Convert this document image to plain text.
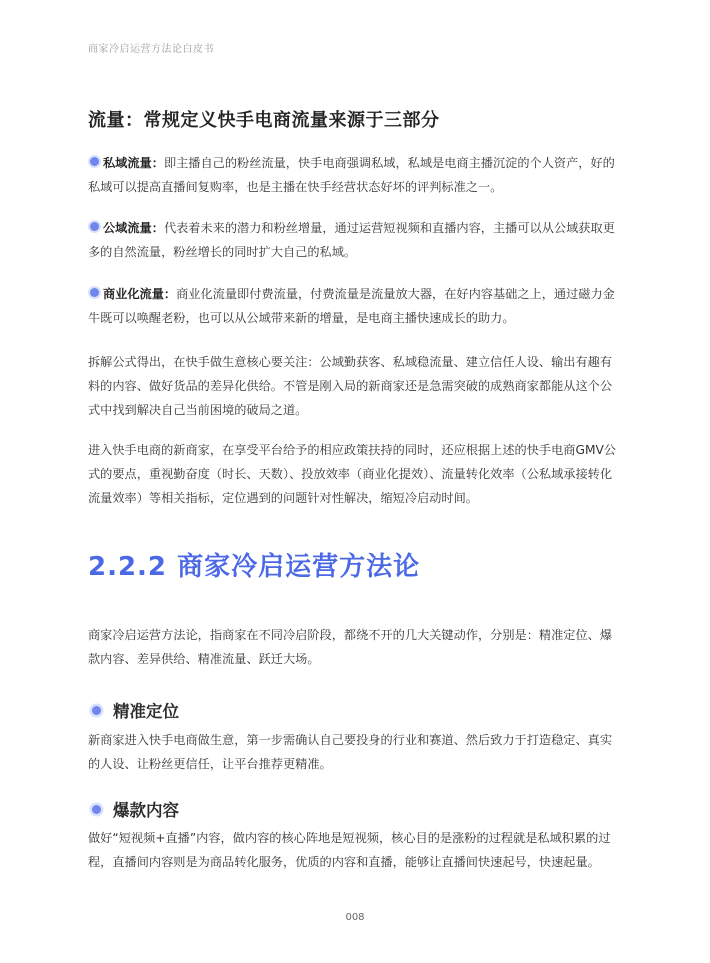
商家冷启运营方法论白皮书
流量：常规定义快手电商流量来源于三部分
私域流量：即主播自己的粉丝流量，快手电商强调私域，私域是电商主播沉淀的个人资产，好的私域可以提高直播间复购率，也是主播在快手经营状态好坏的评判标准之一。
公域流量：代表着未来的潜力和粉丝增量，通过运营短视频和直播内容，主播可以从公域获取更多的自然流量，粉丝增长的同时扩大自己的私域。
商业化流量：商业化流量即付费流量，付费流量是流量放大器，在好内容基础之上，通过磁力金牛既可以唤醒老粉，也可以从公域带来新的增量，是电商主播快速成长的助力。

拆解公式得出，在快手做生意核心要关注：公域勤获客、私域稳流量、建立信任人设、输出有趣有料的内容、做好货品的差异化供给。不管是刚入局的新商家还是急需突破的成熟商家都能从这个公式中找到解决自己当前困境的破局之道。

进入快手电商的新商家，在享受平台给予的相应政策扶持的同时，还应根据上述的快手电商GMV公式的要点，重视勤奋度（时长、天数）、投放效率（商业化提效）、流量转化效率（公私域承接转化流量效率）等相关指标，定位遇到的问题针对性解决，缩短冷启动时间。

2.2.2 商家冷启运营方法论

商家冷启运营方法论，指商家在不同冷启阶段，都绕不开的几大关键动作，分别是：精准定位、爆款内容、差异供给、精准流量、跃迁大场。

精准定位

新商家进入快手电商做生意，第一步需确认自己要投身的行业和赛道、然后致力于打造稳定、真实的人设、让粉丝更信任，让平台推荐更精准。

爆款内容

做好“短视频+直播”内容，做内容的核心阵地是短视频，核心目的是涨粉的过程就是私域积累的过程，直播间内容则是为商品转化服务，优质的内容和直播，能够让直播间快速起号，快速起量。

008
